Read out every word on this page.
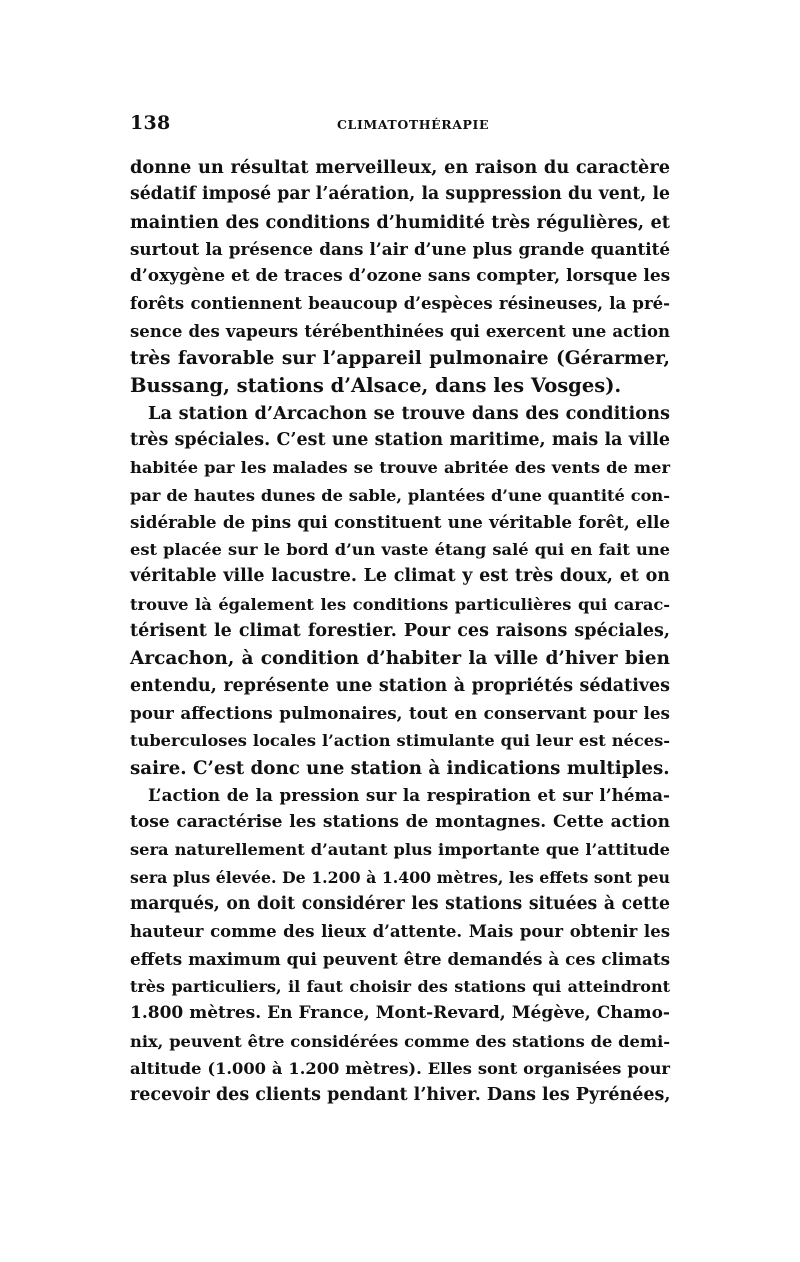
138	CLIMATOTHÉRAPIE
donne un résultat merveilleux, en raison du caractère
sédatif imposé par l’aération, la suppression du vent, le
maintien des conditions d’humidité très régulières, et
surtout la présence dans l’air d’une plus grande quantité
d’oxygène et de traces d’ozone sans compter, lorsque les
forêts contiennent beaucoup d’espèces résineuses, la pré-
sence des vapeurs térébenthinées qui exercent une action
très favorable sur l’appareil pulmonaire (Gérarmer,
Bussang, stations d’Alsace, dans les Vosges).
La station d’Arcachon se trouve dans des conditions
très spéciales. C’est une station maritime, mais la ville
habitée par les malades se trouve abritée des vents de mer
par de hautes dunes de sable, plantées d’une quantité con-
sidérable de pins qui constituent une véritable forêt, elle
est placée sur le bord d’un vaste étang salé qui en fait une
véritable ville lacustre. Le climat y est très doux, et on
trouve là également les conditions particulières qui carac-
térisent le climat forestier. Pour ces raisons spéciales,
Arcachon, à condition d’habiter la ville d’hiver bien
entendu, représente une station à propriétés sédatives
pour affections pulmonaires, tout en conservant pour les
tuberculoses locales l’action stimulante qui leur est néces-
saire. C’est donc une station à indications multiples.
L’action de la pression sur la respiration et sur l’héma-
tose caractérise les stations de montagnes. Cette action
sera naturellement d’autant plus importante que l’attitude
sera plus élevée. De 1.200 à 1.400 mètres, les effets sont peu
marqués, on doit considérer les stations situées à cette
hauteur comme des lieux d’attente. Mais pour obtenir les
effets maximum qui peuvent être demandés à ces climats
très particuliers, il faut choisir des stations qui atteindront
1.800 mètres. En France, Mont-Revard, Mégève, Chamo-
nix, peuvent être considérées comme des stations de demi-
altitude (1.000 à 1.200 mètres). Elles sont organisées pour
recevoir des clients pendant l’hiver. Dans les Pyrénées,
